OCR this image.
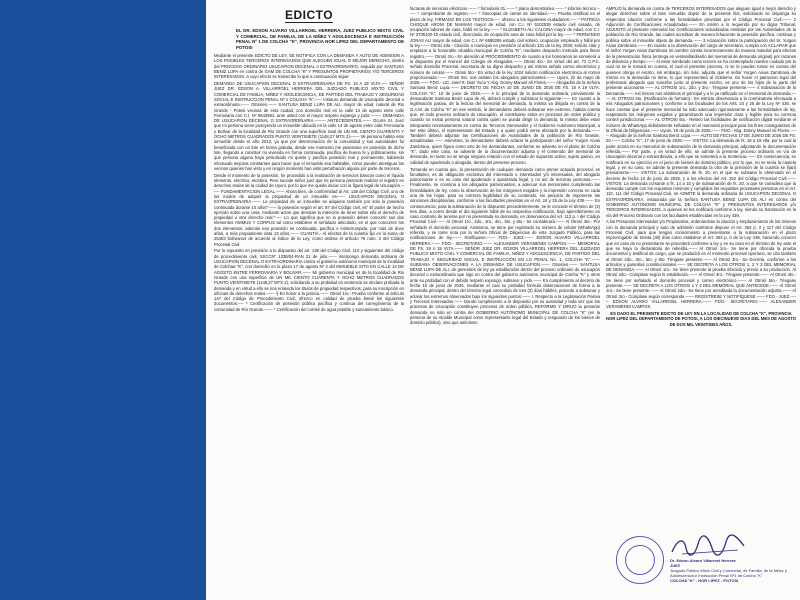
EDICTO

EL DR. EDSON ALVARO VILLARROEL HERRERA, JUEZ PUBLICO MIXTO CIVIL Y COMERCIAL, DE FAMILIA, DE LA NIÑEZ Y ADOLESCENCIA E INSTRUCCIÓN PENAL Nº 1 DE COLCHA "K", PROVINCIA NOR LIPEZ DEL DEPARTAMENTO DE POTOSI

Mediante el presente EDICTO DE LEY, SE NOTIFICA CON LA DEMANDA Y AUTO DE ADMISION A LOS POSIBLES TERCEROS INTERESADOS QUE ALEGUEN IGUAL O MEJOR DERECHO, dentro del PROCESO ORDINARIO USUCAPION DECENAL o EXTRAORDINARIO, seguido por SANTUSA BENIZ LUPA en contra de GAM DE COLCHA "K" Y PRESUNTOS PROPIETARIOS Y/O TERCEROS INTERESADOS, a cuyo efecto se transcribe lo que a continuación sigue:

DEMANDA DE USUCAPION DECENAL O EXTRAORDINARIA DE FS. 16 A 19 VLTA.---- SEÑOR JUEZ DR. EDSON A. VILLARROEL HERRERA DEL JUZGADO PUBLICO MIXTO CIVIL Y COMERCIAL DE FAMILIA, NIÑEZ Y ADOLESCENCIA, DE PARTIDO DEL TRABAJO Y SEGURIDAD SOCIAL E INSTRUCCION PENAL Nº 1 COLCHA "K".----- Instauro demanda de Usucapión decenal o extraordinaria.------ Otrosíes.------ SANTUSA BENIZ LUPA DE ALI, mayor de edad, natural de Rio Grande - Potosi vecinas de esta ciudad, con domicilio real en la calle 14 de agosto entre calle Ferroviaria con C.I. Nº 8643861, ante usted con el mayor respeto expongo y pido:-------- DEMANDA DE USUCAPION DECENAL O EXTRAORDINARIA.-------- ANTECEDENTES.------ Ocurre Sr. Juez que mi persona viene poseyendo un inmueble ubicado en la calle 14 de agosto entre calle Ferroviaria y Bolívar de la localidad de Río Grande con una superficie total de UN MIL CIENTO CUARENTA Y OCHO METROS CUADRADOS PUNTO VEINTISIETE (1148,27 MTS 2)------- Mi persona habita este inmueble desde el año 2012, ya que por determinación de la comunidad y sus autoridades fui beneficiada con un lote en forma gratuita, desde ese momento me posesione en posesión de dicho lote, llegando a construir mi vivienda en forma continuada, pacífica de buena fe y públicamente, sin que persona alguna haya perturbado mi quieta y pacífica posesión real y permanente, habiendo efectuado mejoras constantes para hacer que el inmueble sea habitable, como pueden atestiguar los vecinos quienes han visto y en ningún momento han visto perturbación alguna por parte de terceros.

Desde el momento de la posesión, he procedido a la realización de servicios básicos como el líquido elemento, eléctrico, etcétera. Pero sucede señor juez que mi persona pretende realizar el registro en derechos reales de la ciudad de Uyuni, por lo que me queda iniciar con la figura legal de Usucapión.------ FUNDAMENTACION LEGAL.------ Ahora bien, de conformidad al Art. 138 del Código Civil, uno de los modos de adquirir la propiedad de un inmueble es------ USUCAPION DECENAL O EXTRAORDINARIA.------ La propiedad de un inmueble se adquiere también por solo la posesión continuada durante 10 años"------ la posesión según el art. 87 del Código civil, es" El poder de hecho ejercido sobre una cosa, mediante actos que denotan la intención de tener sobre ella el derecho de propiedad u otro derecho real."----- Lo que significa que en la posesión deben concurrir sus dos elementos ANIMUS Y CORPUS tal como establece el señalado articulado, en el que concurren los dos elementos, además esa posesión es continuada, pacífica e ininterrumpida, por más de doce años, a más propiamente data 13 años.------ CUANTÍA.- Al efectos de la cuantía fijo en la suma de 25403 bolivianos de acuerdo al índice de la Ley, como ordena el artículo 76 num. 2 del Código Procesal Civil.

Por lo expuesto en previsión a lo dispuesto del art. 138 del Código Civil, 110 y siguientes del código de procedimiento civil, SSCCN" 1338/04-RAN 21 de julio.------ interpongo demanda ordinaria de USUCAPION DECENAL O EXTRAORDINARIA contra el gobierno autónomo municipal de la localidad de Colchaa "K", con domicilio en la plaza 17 de agosto Nº 2 del INMUEBLE SITO EN CALLE 14 DE AGOSTO ENTRE FERROVIARIA Y BOLIVAR.------ Mi gobierno municipal es de la localidad de Rio Grande con una superficie de UN MIL CIENTO CUARENTA Y OCHO METROS CUADRADOS PUNTO VEINTISIETE (1148,27 MTS 2), solicitando a su probidad en sentencia se declare probada la demanda y en virtud a ello se nos entienda los títulos de propiedad respectivos, para su inscripción en oficinas de derechos reales.------ § En honor a la justicia.------ Otrosí 1ro.- Prueba conforme al artículo 147 del Código de Procedimiento Civil, ofrezco en calidad de prueba literal los siguientes documentos:---- * Certificación de posesión pública pacífica y continua del corregimiento de la comunidad de Río Grande.------ * Certificación del comité de agua potable y saneamiento básico.

facturas de servicios eléctricos.------ * formulario 01.------ * plano demostrativo.------ * informe técnico.------ * comprobante de registro.------ * fotocopias de carnet de identidad.------ Prueba testifical en el plazo de ley, FIRMADO EN LOS TESTIGOS.---- ofrezco a los siguientes ciudadanos:----- * PATRICIA CHOQUE ARONI DE MAMANI mayor de edad, con C.I. Nº 5102538 estado civil casada, de ocupación labores de casa, hábil en la ley.------ * ELIZABETH ALI CALCINA mayor de edad, con C.I. Nº 3705100-10 estado civil, divorciada, de ocupación ama de casa hábil por la ley.------ * FERNANDO JONAS ALI mayor de edad, con C.I. Nº 6666286 estado civil soltero, ocupación empleado y hábil por la ley.------ Otrosí 2do.- Citación a municipio en previsión al artículo 131 de la ley 2028, solicito citar y emplazar a la honorable alcaldía municipal de Colcha "K", mediante despacho instruido para llevar registro.------ Otrosí 3ro.- En atención al PROCEDIMIENTO de cuanto a los honorarios se someterá a lo dispuesto por el Arancel del Colegio de Abogados.------ Otrosí 4to.- En virtud del art. 72 C.P.C. señalo domicilio Procesal, secretaria de su digno despacho y así mismo señalo correo electrónico y número de celular.------ Otrosí 5to.- En virtud de la ley 1024 solicito notificación electrónica al correo proporcionado.------ Otrosí 6to. nos asisten los abogados patrocinantes.------ Uyuni, 22 de mayo de 2026.------ FDO.- LIC. Jarel R. Diaz Yuca Y Abg. Donny Manuel Ali Flores.------ Abogados de la Señora Santusa Beniz Lupa.------ DECRETO DE FECHA 10 DE JUNIO DE 2026 DE FS. 16 A 19 VLTA. COLCHA "K", 10 de junio de 2026.------ A lo principal de la demanda ordinaria, previamente la demandante Santusa Beniz Lupa de Ali, deberá cumplir y subsanar lo siguiente:------ En cuanto a la legitimación pasiva, de la lectura del memorial de demanda, la misma va dirigida en contra de la G.A.M. de Colcha "K" en ese sentido, la demandante deberá subsanar ese extremo, habida cuenta que, en todo proceso ordinario de Usucapión, al constituirse estos en procesos de orden público y cuando no exista persona natural contra quien se pueda dirigir la demanda, la misma debe estar interpuesta necesariamente en contra de Terceros Interesados y el Gobierno Autónomo Municipal, a ser este último, el representante del Estado y a quien podrá verse afectado por la demanda.------ También deberá adjuntar las Certificaciones de Autoridades de la población de Río Grande, actualizadas.------ Asimismo, la demandante deberá aclarar la participación del señor Yurgen Aivas Zambrana, quien figura como otro de los demandantes, conforme se advierte en el plano de Colcha "K", dado este caso, se advierte de la documentación adjunta y el contenido del memorial de demanda, en tanto no se tenga ninguna relación con el estado de supuesto activo, sujeto pasivo, en calidad de apoderado o abogado, dentro del presente proceso.

Tomando en cuenta que, la presentación de cualquier demanda como primer actuado procesal, es facultativo, es de obligación exclusiva del interesado o interesados y/o interesadas, del abogado patrocinante o en su caso del apoderado o apoderada legal, y no así de terceras personas.------ Finalmente, se conmina a los abogados patrocinantes, a adecuar sus memoriales cumpliendo las formalidades de ley, como la observación de los márgenes exigidos y la impresión correcta en cada una de las hojas, para su correcta legibilidad de su contenido, sin perjuicio de imponerse las sanciones disciplinarias, conforme a las facultades previstas en el Art. 24 y 25 de la Ley 439.------ En consecuencia, para la subsanación de lo dispuesto precedentemente, se le concede el término de (3) tres días, a correr desde el día siguiente hábil de su respectiva notificación, bajo apercibimiento en caso contrario de tenerse por no presentada su demanda, en observancia del Art. 113 p. I del Código Procesal Civil.------ Al Otrosí 1ro., 2do., 3ro., 4to., 5to. y 6to.- Se considerará.------ Al Otrosí 4to.- Por señalado el domicilio procesal. Asimismo, se tiene por registrado su número de celular (WhatsApp) referido, y se tome nota por la señora Oficial de Diligencias de este Juzgado Público, para las notificaciones de ley.------ Notifíquese.------ FDO.- JUEZ.------ EDSON ALVARO VILLARROEL HERRERA.------ FDO.- SECRETARIO.------ ALEXANDER VERAMENDI CAMPOS.------ MEMORIAL DE FS. 19 A 19 VLTA.------ SEÑOR JUEZ DR. EDSON VILLARROEL HERRERA DEL JUZGADO PUBLICO MIXTO CIVIL Y COMERCIAL DE FAMILIA, NIÑEZ Y ADOLESCENCIA, DE PARTIDO DEL TRABAJO Y SEGURIDAD SOCIAL E INSTRUCCIÓN EN LO PENAL No. 1, COLCHA "K".------ SUBSANA OBSERVACIONES A LA DEMANDA DE USUCAPION.------ Otrosíes.------ SANTUSA BENIZ LUPA DE ALI, de generales de ley ya establecidos dentro del proceso ordinario de usucapión decenal o extraordinaria que sigo en contra del gobierno autónomo municipal de Colcha "K" y otros ante su probidad con el debido respeto expongo, subsano y pido.------ En cumplimiento al decreto de fecha 10 de junio de 2026, mediante el cual su probidad formula observaciones de forma a la demanda principal, dentro del término legal concedido de tres (3) días hábiles, procedo a subsanar y aclarar los extremos observados bajo los siguientes puntos:------ I. Respecto a la Legitimación Pasiva y Terceros Interesados.------ Dando cumplimiento a lo dispuesto por su autoridad y toda vez que los procesos de Usucapión constituyen procesos de orden público, REFORMO Y DIRIJO la presente demanda no solo en contra del GOBIERNO AUTÓNOMO MUNICIPAL DE COLCHA "K" (en la persona de su Alcalde Municipal como representante legal del Estado y resguardo de los bienes de dominio público), sino que asimismo

AMPLÍO la demanda en contra de TERCEROS INTERESADOS que aleguen igual o mejor derecho y alegar derechos sobre el bien inmueble objeto de la presente litis, solicitando se disponga su respectiva citación conforme a las formalidades previstas por el Código Procesal Civil.------ 2 Adjunción de Certificaciones Actualizadas.------ En mérito a lo requerido por su digna Tribunal, ADJUNTO al presente memorial las Certificaciones actualizadas emitidas por las Autoridades de la población de Río Grande, las cuales acreditan de manera fehaciente la posesión pacífica, continua y pública sobre el inmueble objeto de demanda.------ 3 Aclaración sobre la participación del Sr. Yurgen Aivas Zambrana.------ En cuanto a la observación del cargo de secretario, cumplo con ACLARAR que el señor Yurgen Aivas Zambrana mi nombre consta incorrectamente de manera material para efectos de la presentación física (entrega en ventanilla/diseño del memorial de demanda original) por razones de distancia y tiempo.------ Al estar nombrado como tercero se ha contemplado nuestro cuidado por lo cual no se le tomará en cuenta, el cual el presente proceso, ni se le pueden tomar en cuenta del quienes otorga el escrito, sin embargo, sin más, adjunta que el señor Yurgen Aivas Zambrana de mismo en la demanda no tiene, lo que representará al Gobierno. Es hacer el patrocinio legal del profesional abogado que suscribe junto al presente escrito, es uno de los hijos de la parte del presente accionante.------ AL OTROSI 1ro., 2do. y 3ro.- Téngase presente.------ 4 Subsanación de la Demanda.------ Así mismo nos asistimos el principal y a lo ya ratificado en el memorial de demanda.------ AL OTROSI 4to. (Ratificación de formato).- En estricta observancia a la conminatoria efectuada a mis Abogados patrocinantes y conforme a las facultades de los Arts. 24 y 25 de la Ley Nº 439, se hace constar que el presente memorial ha sido adecuado rigurosamente a las formalidades de ley, respetando los márgenes exigidos y garantizando una impresión clara y legible para su correcta control jurisdiccional.------ AL OTROSI 5to.- Reitero las facilidades de notificación digital mediante el número de WhatsApp debidamente señalado en el memorial principal para los fines consiguientes de la Oficial de Diligencias.------ Uyuni, 19 de junio de 2026.------ FDO.- Abg. Donny Manuel Ali Flores.------ Abogado de la Señora Santusa Beniz Lupa.------ AUTO DE FECHAS 17 DE JUNIO DE 2026 DE FS. 20.------ Colcha "K", 17 de junio de 2026.------ VISTOS: La demanda de fs. 16 a 19 vlta. por la cual la parte actora en su memorial de subsanación de la demanda principal, adjuntando la documentación referida.------ Por parte, y en virtud de ello, se admite la presente proceso ordinario en vía de Usucapión decenal o extraordinaria, a ello que se someterá a la Sentencia.------ En consecuencia, se notificará en su ejercicio en el juicio de bienes de dominio público, por lo que, no se tenía la cautela legal, y en su caso, se admite la presente demanda la otra de la precisión de la cuantía se fijará previamente.------ VISTOS: La subsanación de fs. 20, en el que se subsana lo observado en el decreto de fecha 10 de junio de 2026, y a los efectos del Art. 252 del Código Procesal Civil.------ VISTOS: La demanda cursante a fs. 14 a 15 y de subsanación de fs. 20, a que se considera que la demanda cumple con los requisitos mínimos y cumplidos los requisitos procesales previstos en el Art. 110, 111 del Código Procesal Civil, se ADMITE la demanda ordinaria de USUCAPION DECENAL O EXTRAORDINARIA, instaurada por la Señora SANTUSA BENIZ LUPA DE ALI en contra del GOBIERNO AUTONOMO MUNICIPAL DE COLCHA "K" y PRESUNTOS INTERESADOS y/o TERCEROS INTERESADOS, a quienes se les notificará conforme a ley, siendo su tramitación en la vía del Proceso Ordinario con las facultades establecidas en la Ley 439.

A los Presuntos Interesados y/o Propietarios, ordenándose la citación y emplazamiento de los mismos con la demanda principal y auto de admisión conforme dispone el Art. 363 p. II y 117 del Código Procesal Civil, para que tengan conocimiento a presentarse a la subsanación en el plazo improrrogable de treinta (30) días como establece el Art. 363 p. II de la Ley 439, haciendo conocer que en caso de no presentarse se procederá conforme a ley y en su caso en el término de ley ante el que se haya la declaratoria de rebeldía.------ Al Otrosí 1ro.- Se tiene por ofrecida la prueba documental y testifical de cargo, que se producirá en el momento procesal oportuno, se cita también al Otrosí 2do., 3ro., 5to. y 6to. Téngase presente.------ Al Otrosí 3ro.- Se Decreta, conforme a los artículos y garantías constitucionales.------ SE DECRETA A LOS OTROSI 1, 2 Y 3 DEL MEMORIAL DE DEMANDA.------ Al Otrosí 1ro.- Se tiene presente la prueba ofrecida y previo a su producción. Al Otrosí 2do.- Cúmplase según lo establecido.------ Al Otrosí 3ro.- Téngase presente.------ Al Otrosí 4to.- Se tiene por señalado el domicilio procesal y correo electrónico.------ Al Otrosí 5to.- Téngase presente.------ SE DECRETA A LOS OTROSI 1 Y 2 DEL MEMORIAL QUE ANTECEDE.------ Al Otrosí 1ro.- Se tiene presente.------ Al Otrosí 2do.- Se tiene por acreditada la documentación adjunta.------ Al Otrosí 3ro.- Cúmplase según corresponde.------ REGÍSTRESE Y NOTIFÍQUESE.------ FDO.- JUEZ.------ EDSON ALVARO VILLARROEL HERRERA.------ FDO.- SECRETARIO.------ ALEXANDER VERAMENDI CAMPOS.

ES DADO EL PRESENTE EDICTO DE LEY EN LA LOCALIDAD DE COLCHA "K", PROVINCIA NOR LIPEZ DEL DEPARTAMENTO DE POTOSI, A LOS DIECINUEVE DIAS DEL MES DE AGOSTO DE DOS MIL VEINTISEIS AÑOS.

Dr. Edson Alvaro Villarroel Herrera
JUEZ
Juzgado Público Mixto Civil y Comercial, de Familia, de la Niñez y Adolescencia e Instrucción Penal Nº1 de Colcha "K"
COLCHA "K" - NOR LIPEZ - POTOSI
